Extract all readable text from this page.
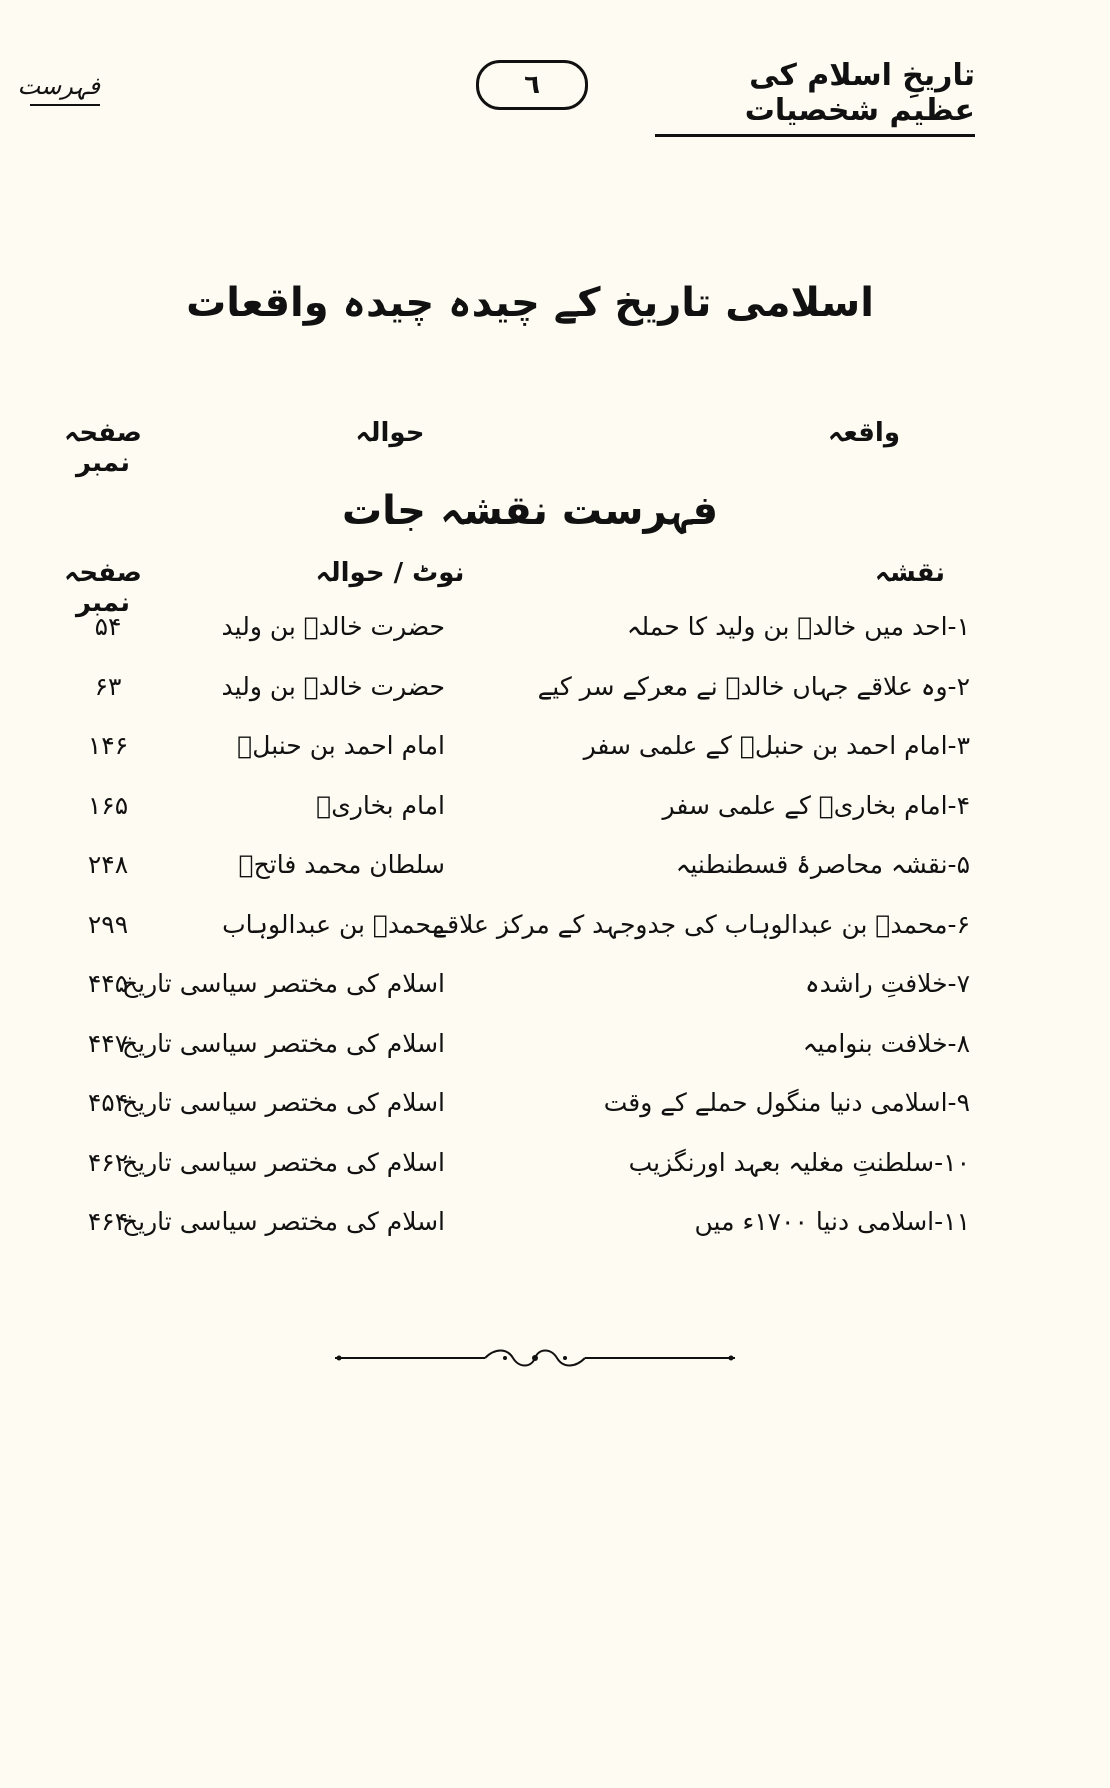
تاریخِ اسلام کی عظیم شخصیات
٦
فہرست
اسلامی تاریخ کے چیدہ چیدہ واقعات
واقعہ
حوالہ
صفحہ نمبر
فہرست نقشہ جات
نقشہ
نوٹ / حوالہ
صفحہ نمبر
۱-احد میں خالدؓ بن ولید کا حملہ
حضرت خالدؓ بن ولید
۵۴
۲-وہ علاقے جہاں خالدؓ نے معرکے سر کیے
حضرت خالدؓ بن ولید
۶۳
۳-امام احمد بن حنبلؒ کے علمی سفر
امام احمد بن حنبلؒ
۱۴۶
۴-امام بخاریؒ کے علمی سفر
امام بخاریؒ
۱۶۵
۵-نقشہ محاصرۂ قسطنطنیہ
سلطان محمد فاتحؒ
۲۴۸
۶-محمدؒ بن عبدالوہاب کی جدوجہد کے مرکز علاقے
محمدؒ بن عبدالوہاب
۲۹۹
۷-خلافتِ راشدہ
اسلام کی مختصر سیاسی تاریخ
۴۴۵
۸-خلافت بنوامیہ
اسلام کی مختصر سیاسی تاریخ
۴۴۷
۹-اسلامی دنیا منگول حملے کے وقت
اسلام کی مختصر سیاسی تاریخ
۴۵۴
۱۰-سلطنتِ مغلیہ بعہد اورنگزیب
اسلام کی مختصر سیاسی تاریخ
۴۶۲
۱۱-اسلامی دنیا ۱۷۰۰ء میں
اسلام کی مختصر سیاسی تاریخ
۴۶۴
